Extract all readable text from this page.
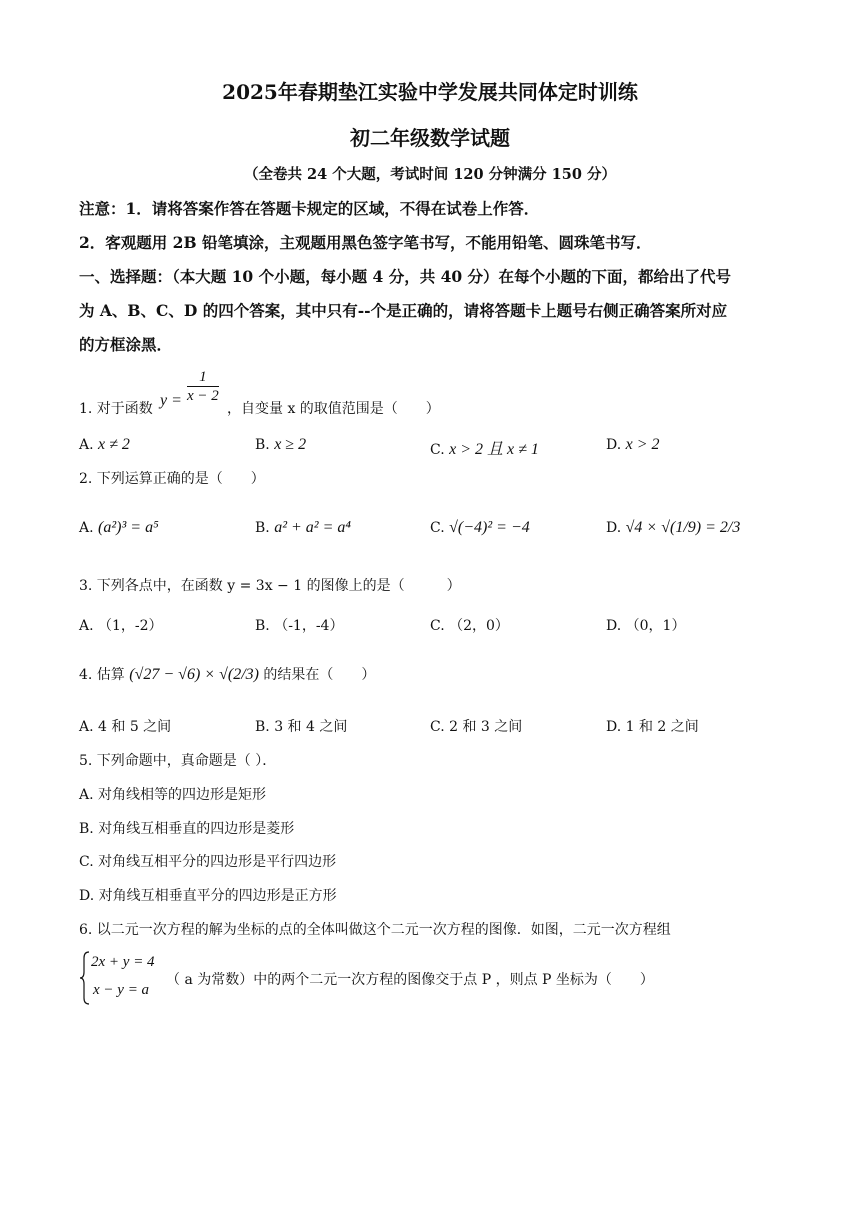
2025年春期垫江实验中学发展共同体定时训练
初二年级数学试题
（全卷共 24 个大题，考试时间 120 分钟满分 150 分）
注意：1．请将答案作答在答题卡规定的区域，不得在试卷上作答．
2．客观题用 2B 铅笔填涂，主观题用黑色签字笔书写，不能用铅笔、圆珠笔书写．
一、选择题：（本大题 10 个小题，每小题 4 分，共 40 分）在每个小题的下面，都给出了代号
为 A、B、C、D 的四个答案，其中只有--个是正确的，请将答题卡上题号右侧正确答案所对应
的方框涂黑．
1. 对于函数 $y = \frac{1}{x - 2}$
，自变量 x 的取值范围是（　　）
A. x ≠ 2	B. x ≥ 2	C. x > 2 且 x ≠ 1	D. x > 2
2. 下列运算正确的是（　　）
A. (a²)³ = a⁵	B. a² + a² = a⁴	C. √(−4)² = −4	D. √4 × √(1/9) = 2/3
3. 下列各点中，在函数 y = 3x − 1 的图像上的是（　　　）
A. （1，-2）	B. （-1，-4）	C. （2，0）	D. （0，1）
4. 估算 (√27 − √6) × √(2/3) 的结果在（　　）
A. 4 和 5 之间	B. 3 和 4 之间	C. 2 和 3 之间	D. 1 和 2 之间
5. 下列命题中，真命题是（ ）．
A. 对角线相等的四边形是矩形
B. 对角线互相垂直的四边形是菱形
C. 对角线互相平分的四边形是平行四边形
D. 对角线互相垂直平分的四边形是正方形
6. 以二元一次方程的解为坐标的点的全体叫做这个二元一次方程的图像．如图，二元一次方程组
2x + y = 4
x − y = a
（ a 为常数）中的两个二元一次方程的图像交于点 P ，则点 P 坐标为（　　）
